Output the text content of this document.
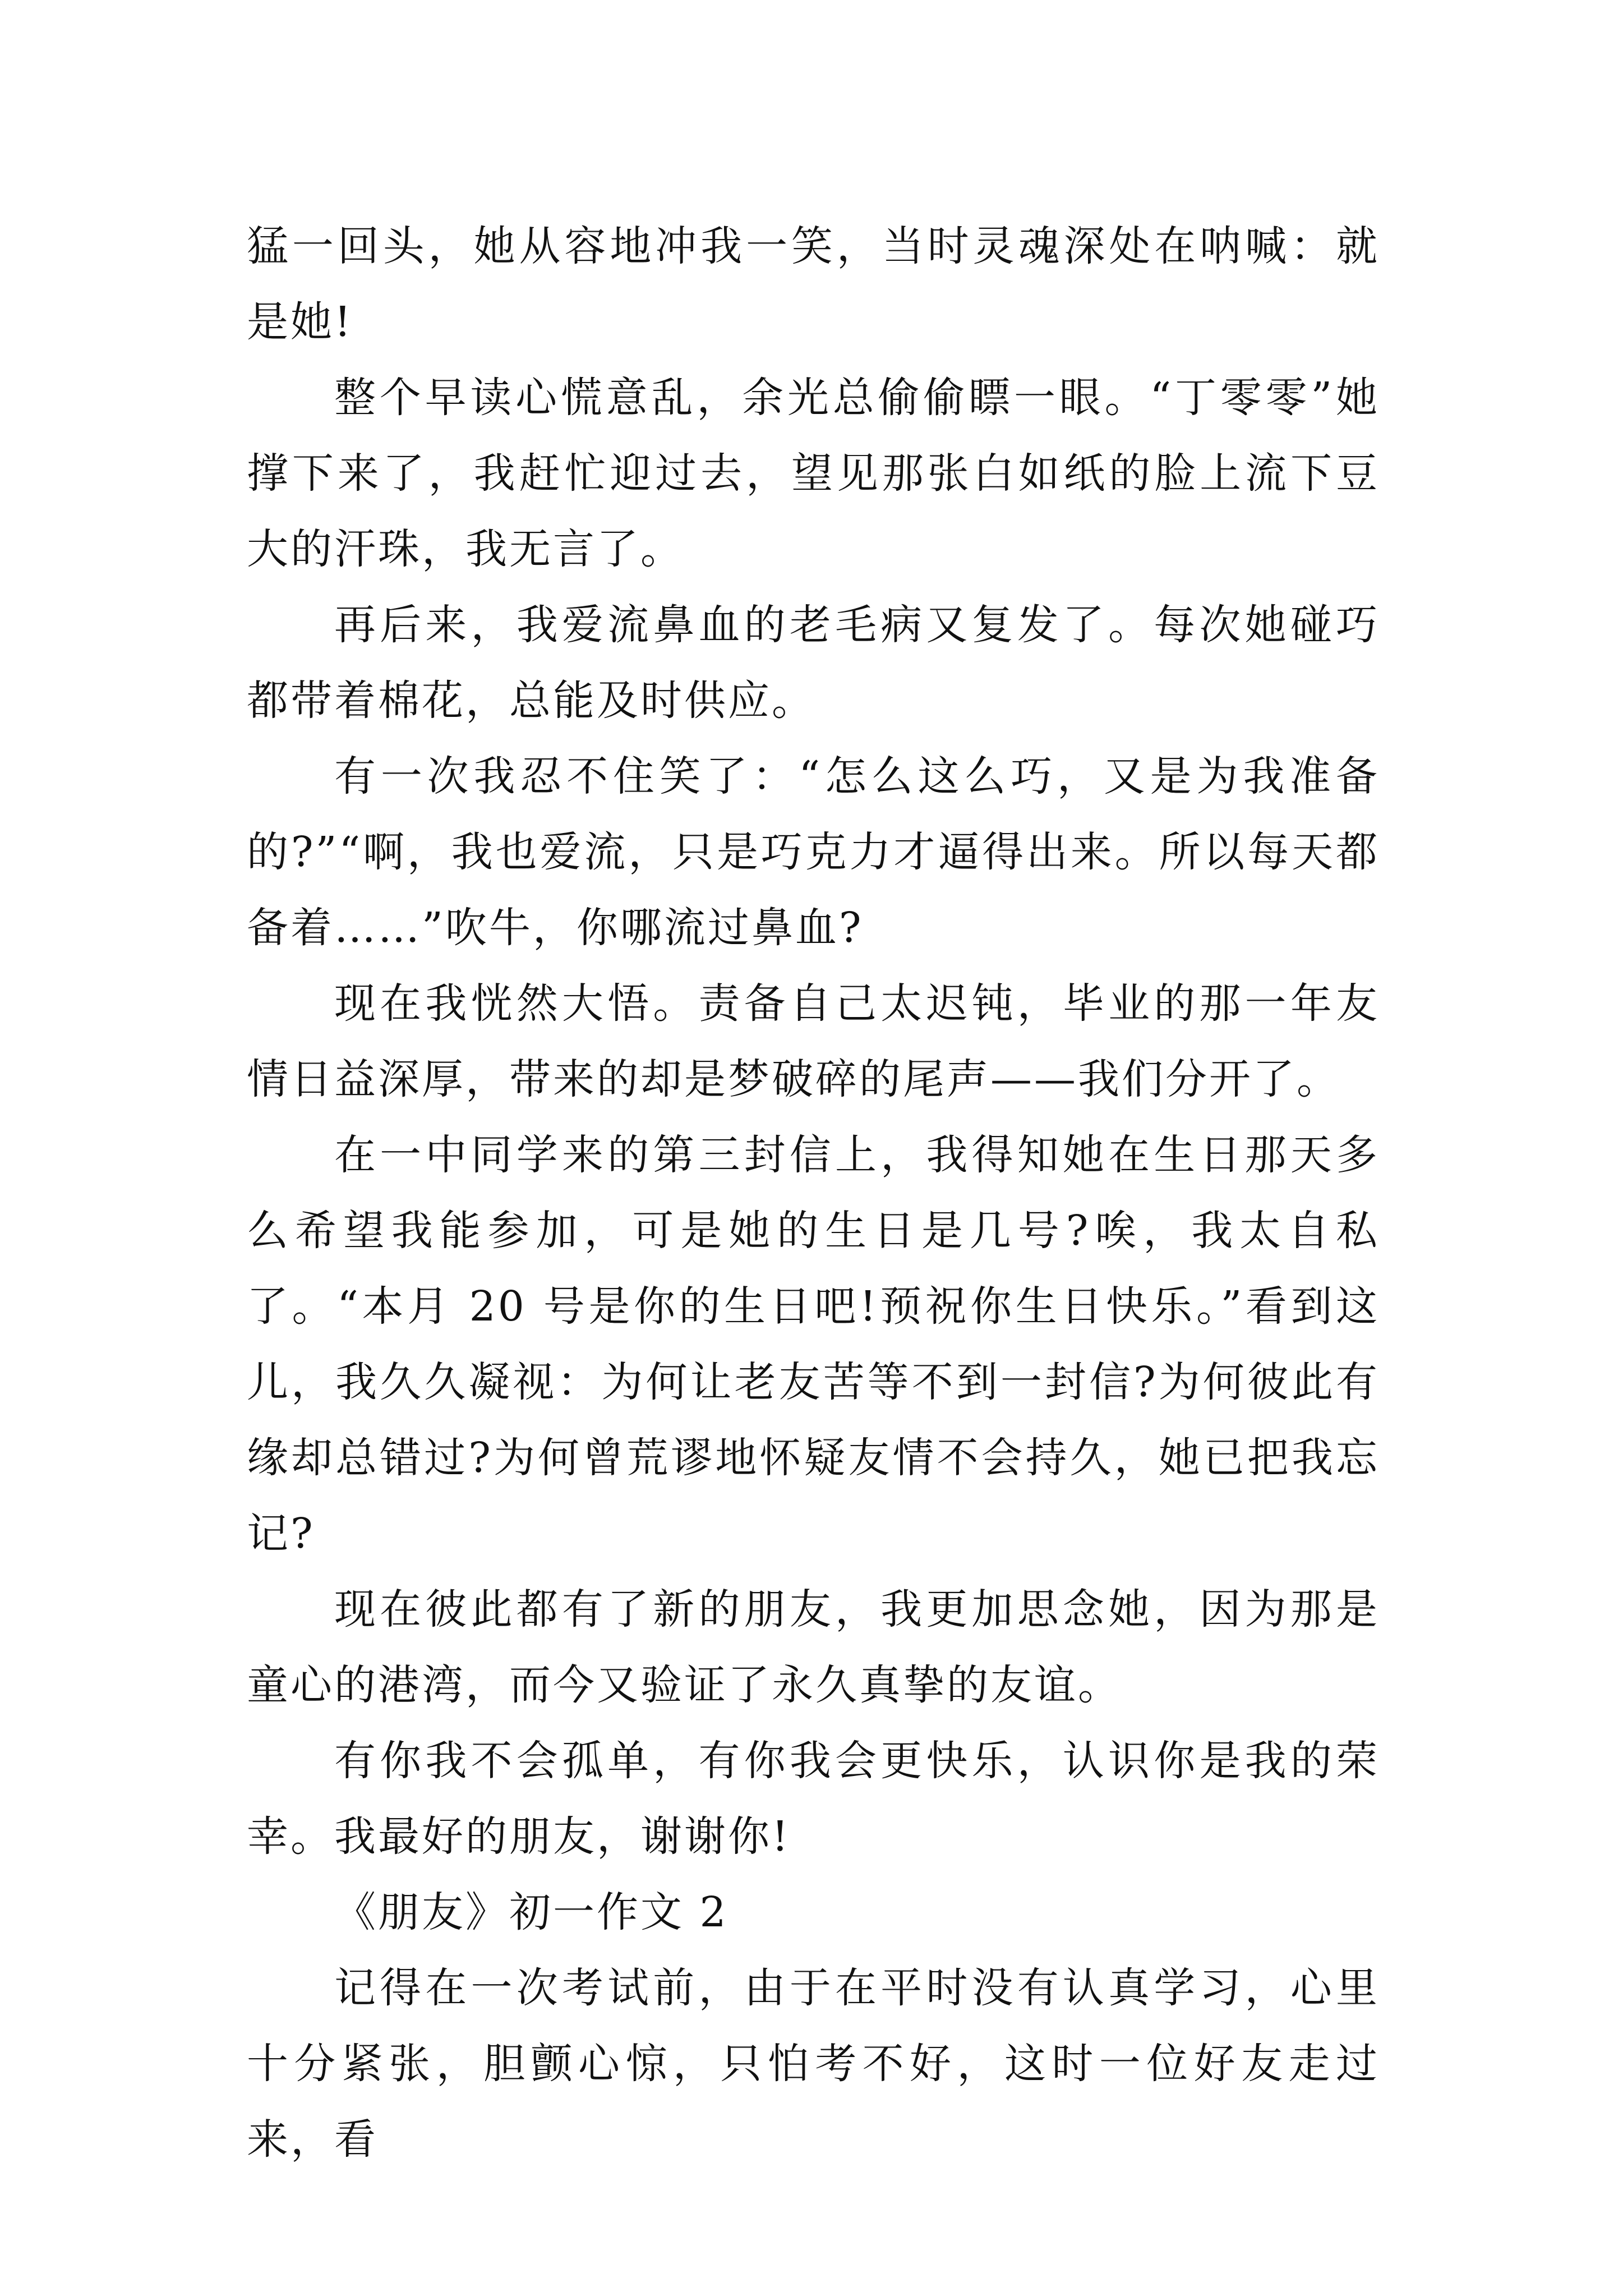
猛一回头，她从容地冲我一笑，当时灵魂深处在呐喊：就是她!

整个早读心慌意乱，余光总偷偷瞟一眼。“丁零零”她撑下来了，我赶忙迎过去，望见那张白如纸的脸上流下豆大的汗珠，我无言了。

再后来，我爱流鼻血的老毛病又复发了。每次她碰巧都带着棉花，总能及时供应。

有一次我忍不住笑了：“怎么这么巧，又是为我准备的?”“啊，我也爱流，只是巧克力才逼得出来。所以每天都备着……”吹牛，你哪流过鼻血?

现在我恍然大悟。责备自己太迟钝，毕业的那一年友情日益深厚，带来的却是梦破碎的尾声——我们分开了。

在一中同学来的第三封信上，我得知她在生日那天多么希望我能参加，可是她的生日是几号?唉，我太自私了。“本月 20 号是你的生日吧!预祝你生日快乐。”看到这儿，我久久凝视：为何让老友苦等不到一封信?为何彼此有缘却总错过?为何曾荒谬地怀疑友情不会持久，她已把我忘记?

现在彼此都有了新的朋友，我更加思念她，因为那是童心的港湾，而今又验证了永久真挚的友谊。

有你我不会孤单，有你我会更快乐，认识你是我的荣幸。我最好的朋友，谢谢你!

《朋友》初一作文 2

记得在一次考试前，由于在平时没有认真学习，心里十分紧张，胆颤心惊，只怕考不好，这时一位好友走过来，看
